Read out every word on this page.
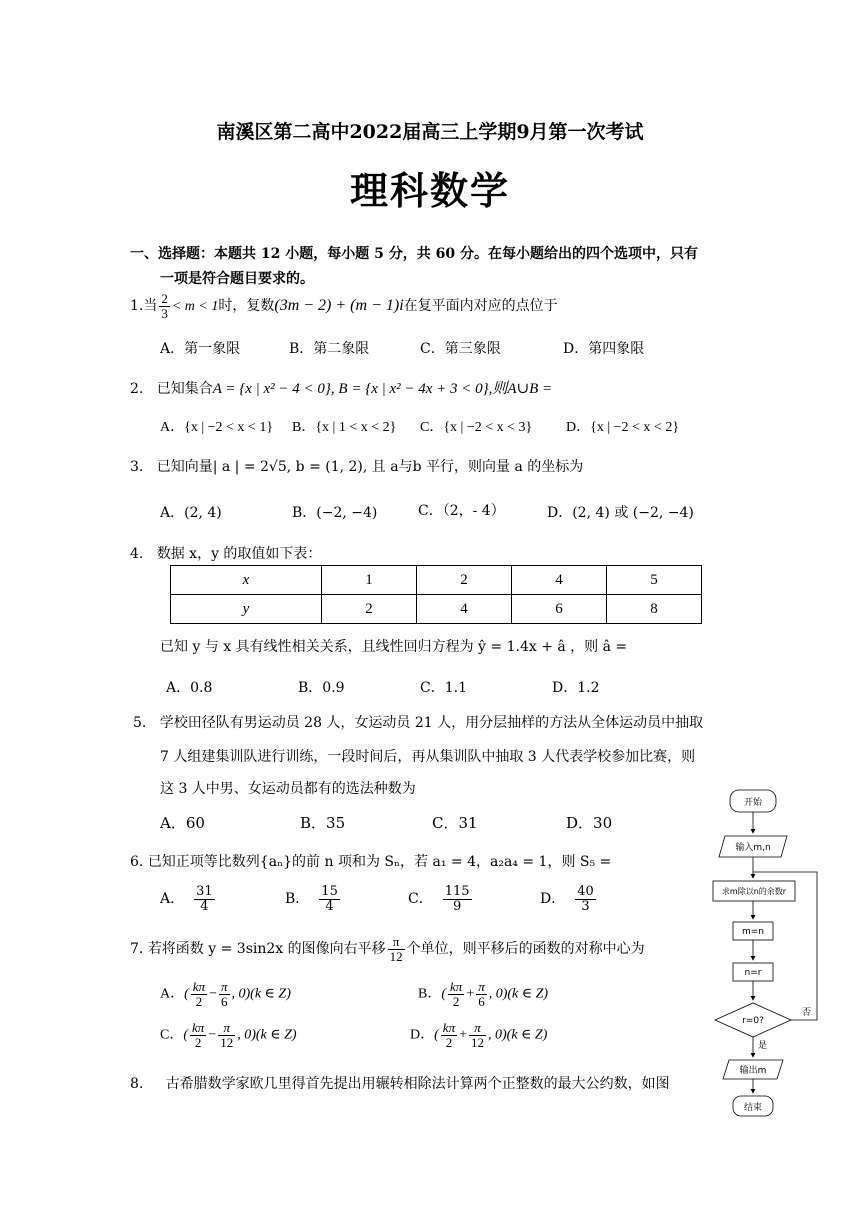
南溪区第二高中2022届高三上学期9月第一次考试
理科数学
一、选择题：本题共 12 小题，每小题 5 分，共 60 分。在每小题给出的四个选项中，只有
一项是符合题目要求的。
1.当 $\frac{2}{3} < m < 1$时，复数(3m − 2) + (m − 1)i在复平面内对应的点位于
A．第一象限	B．第二象限	C．第三象限	D．第四象限
2. 已知集合A = {x | x² − 4 < 0}, B = {x | x² − 4x + 3 < 0},则A∪B =
A．{x | −2 < x < 1} B．{x | 1 < x < 2} C．{x | −2 < x < 3} D．{x | −2 < x < 2}
3. 已知向量| a | = 2√5, b = (1, 2), 且 a与b 平行，则向量 a 的坐标为
A．(2, 4)	B．(−2, −4)	C．（2，- 4）	D．(2, 4) 或 (−2, −4)
4. 数据 x，y 的取值如下表：
x	1	2	4	5
y	2	4	6	8
已知 y 与 x 具有线性相关关系，且线性回归方程为 ŷ = 1.4x + â ，则 â =
A．0.8	B．0.9	C．1.1	D．1.2
5. 学校田径队有男运动员 28 人，女运动员 21 人，用分层抽样的方法从全体运动员中抽取
7 人组建集训队进行训练，一段时间后，再从集训队中抽取 3 人代表学校参加比赛，则
这 3 人中男、女运动员都有的选法种数为
A．60	B．35	C．31	D．30
6. 已知正项等比数列{aₙ}的前 n 项和为 Sₙ，若 a₁ = 4，a₂a₄ = 1，则 S₅ =
A． $\frac{31}{4}$	B． $\frac{15}{4}$	C． $\frac{115}{9}$	D． $\frac{40}{3}$
7. 若将函数 y = 3sin2x 的图像向右平移 $\frac{\pi}{12}$ 个单位，则平移后的函数的对称中心为
A．( $\frac{k\pi}{2} - \frac{\pi}{6}$ , 0)(k ∈ Z)	B．( $\frac{k\pi}{2} + \frac{\pi}{6}$ , 0)(k ∈ Z)
C．( $\frac{k\pi}{2} - \frac{\pi}{12}$ , 0)(k ∈ Z)	D．( $\frac{k\pi}{2} + \frac{\pi}{12}$ , 0)(k ∈ Z)
8. 古希腊数学家欧几里得首先提出用辗转相除法计算两个正整数的最大公约数，如图
开始
输入m,n
求m除以n的余数r
m=n
n=r
r=0?
否
是
输出m
结束
